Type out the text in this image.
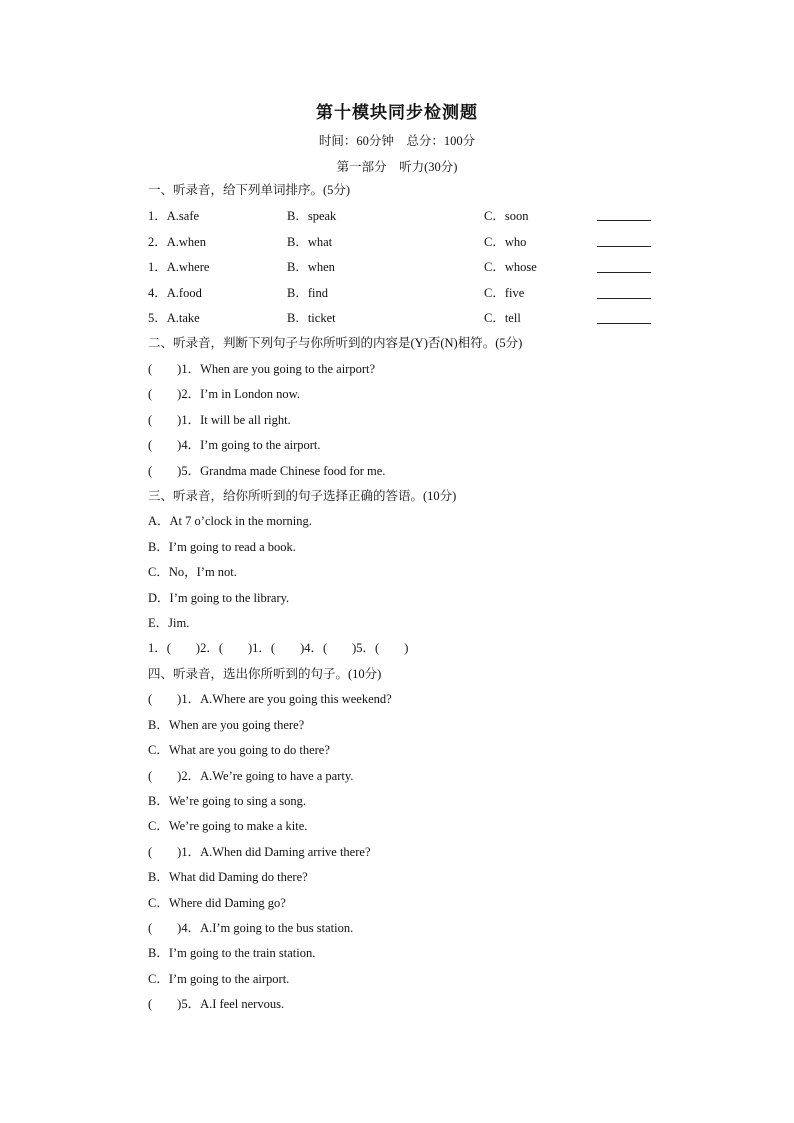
第十模块同步检测题
时间：60分钟　总分：100分
第一部分　听力(30分)
一、听录音，给下列单词排序。(5分)
1．A.safe	B．speak	C．soon
2．A.when	B．what	C．who
1．A.where	B．when	C．whose
4．A.food	B．find	C．five
5．A.take	B．ticket	C．tell
二、听录音，判断下列句子与你所听到的内容是(Y)否(N)相符。(5分)
(　　)1．When are you going to the airport?
(　　)2．I’m in London now.
(　　)1．It will be all right.
(　　)4．I’m going to the airport.
(　　)5．Grandma made Chinese food for me.
三、听录音，给你所听到的句子选择正确的答语。(10分)
A．At 7 o’clock in the morning.
B．I’m going to read a book.
C．No，I’m not.
D．I’m going to the library.
E．Jim.
1．(　　)2．(　　)1．(　　)4．(　　)5．(　　)
四、听录音，选出你所听到的句子。(10分)
(　　)1．A.Where are you going this weekend?
B．When are you going there?
C．What are you going to do there?
(　　)2．A.We’re going to have a party.
B．We’re going to sing a song.
C．We’re going to make a kite.
(　　)1．A.When did Daming arrive there?
B．What did Daming do there?
C．Where did Daming go?
(　　)4．A.I’m going to the bus station.
B．I’m going to the train station.
C．I’m going to the airport.
(　　)5．A.I feel nervous.
